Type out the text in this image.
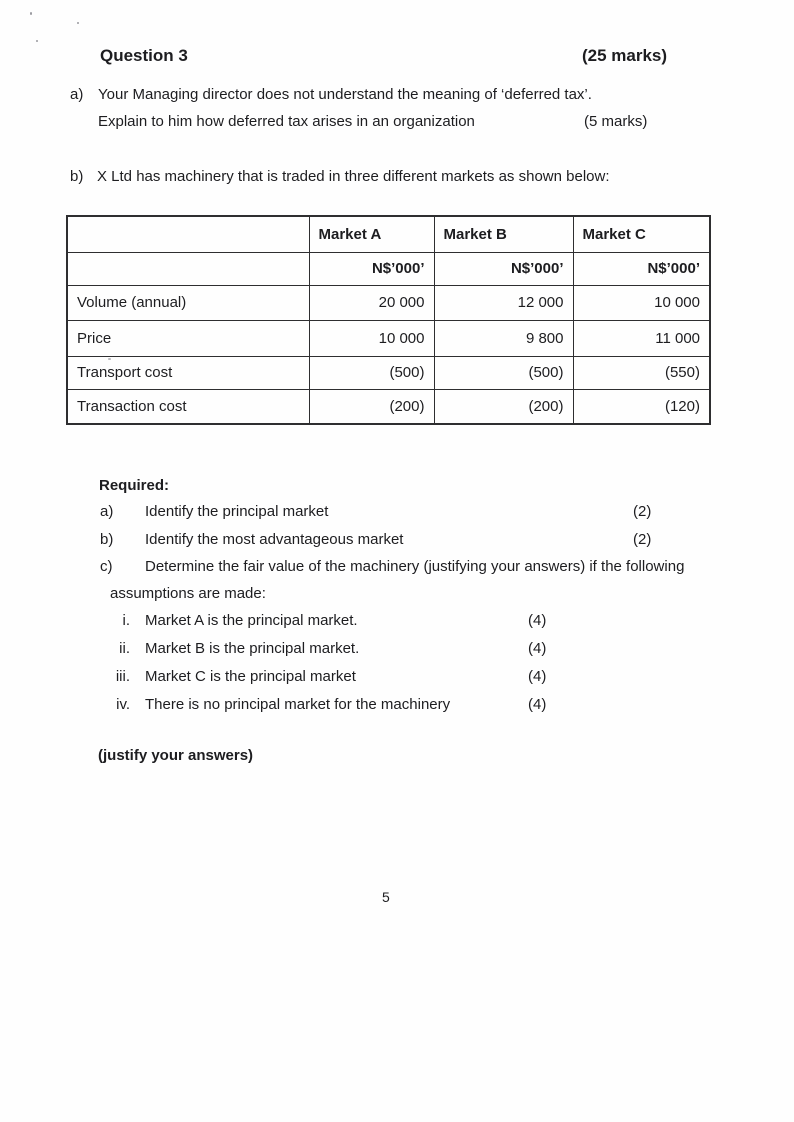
Question 3	(25 marks)
a) Your Managing director does not understand the meaning of ‘deferred tax’.
Explain to him how deferred tax arises in an organization	(5 marks)
b) X Ltd has machinery that is traded in three different markets as shown below:
	Market A	Market B	Market C
	N$’000’	N$’000’	N$’000’
Volume (annual)	20 000	12 000	10 000
Price	10 000	9 800	11 000
Transport cost	(500)	(500)	(550)
Transaction cost	(200)	(200)	(120)
Required:
a) Identify the principal market	(2)
b) Identify the most advantageous market	(2)
c) Determine the fair value of the machinery (justifying your answers) if the following
assumptions are made:
i. Market A is the principal market.	(4)
ii. Market B is the principal market.	(4)
iii. Market C is the principal market	(4)
iv. There is no principal market for the machinery	(4)
(justify your answers)
5
